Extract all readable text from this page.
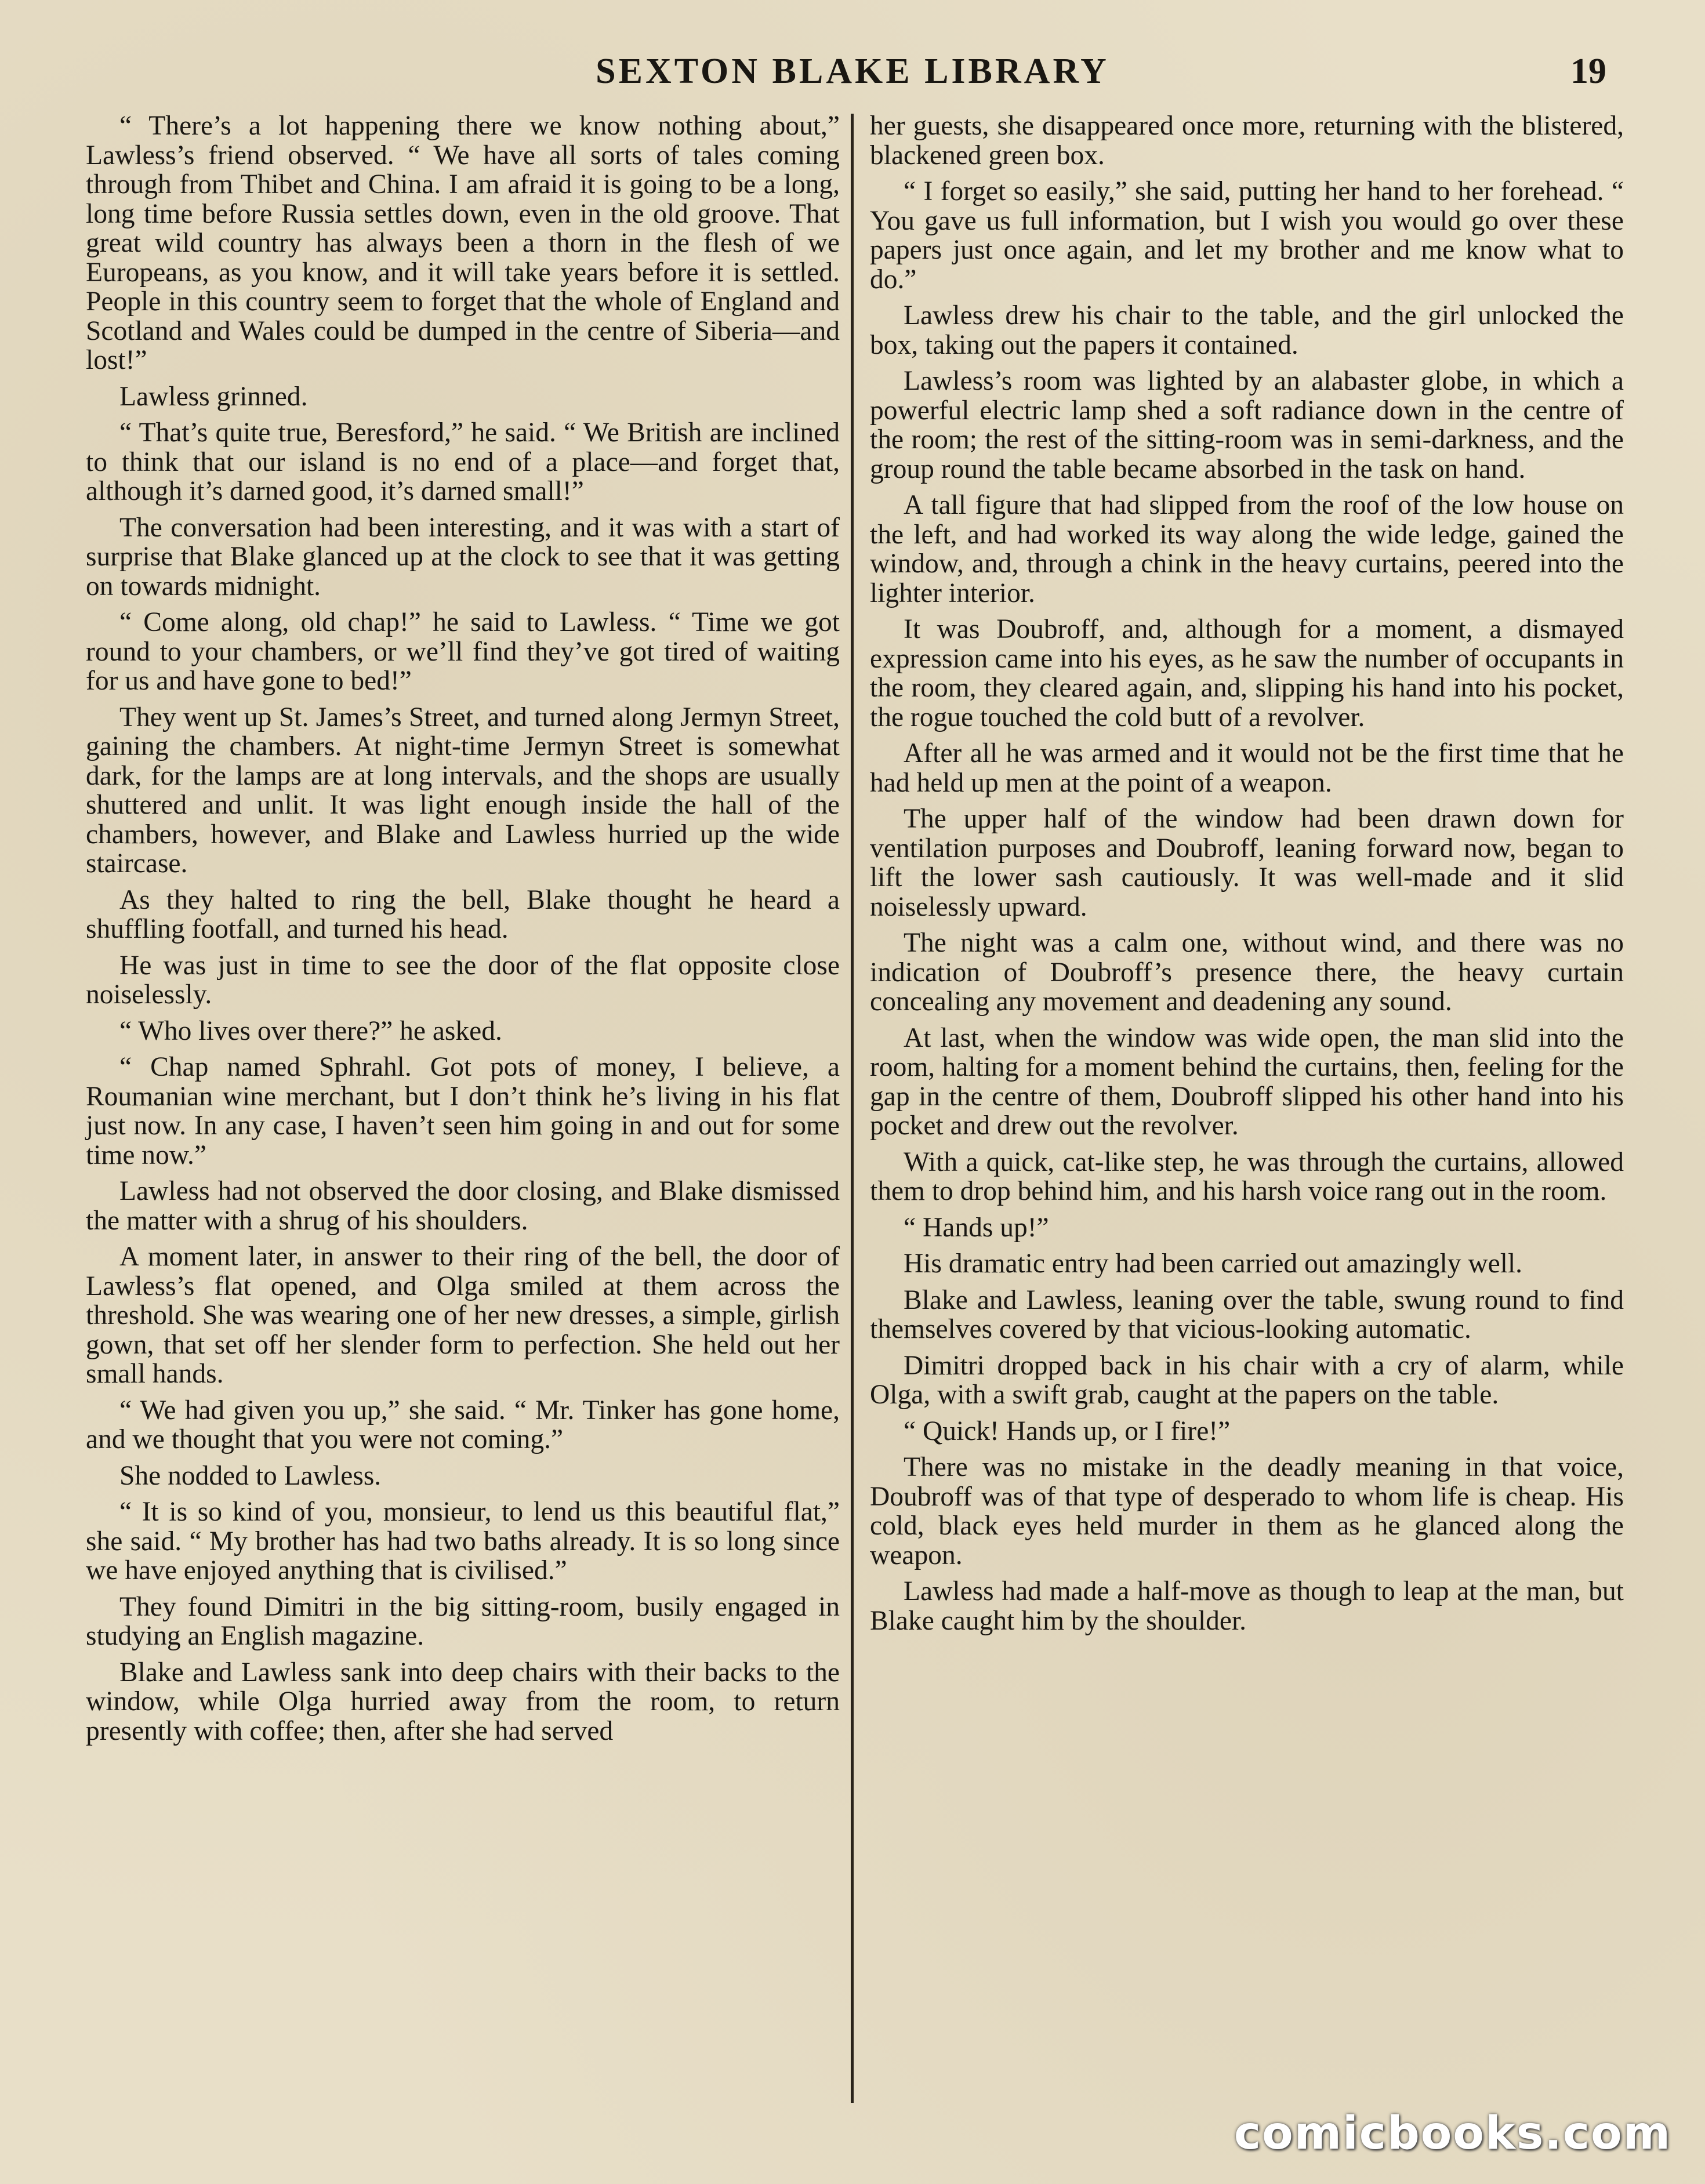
SEXTON BLAKE LIBRARY	19

“ There’s a lot happening there we know nothing about,” Lawless’s friend observed. “ We have all sorts of tales coming through from Thibet and China. I am afraid it is going to be a long, long time before Russia settles down, even in the old groove. That great wild country has always been a thorn in the flesh of we Europeans, as you know, and it will take years before it is settled. People in this country seem to forget that the whole of England and Scotland and Wales could be dumped in the centre of Siberia—and lost!”

Lawless grinned.

“ That’s quite true, Beresford,” he said. “ We British are inclined to think that our island is no end of a place—and forget that, although it’s darned good, it’s darned small!”

The conversation had been interesting, and it was with a start of surprise that Blake glanced up at the clock to see that it was getting on towards midnight.

“ Come along, old chap!” he said to Lawless. “ Time we got round to your chambers, or we’ll find they’ve got tired of waiting for us and have gone to bed!”

They went up St. James’s Street, and turned along Jermyn Street, gaining the chambers. At night-time Jermyn Street is somewhat dark, for the lamps are at long intervals, and the shops are usually shuttered and unlit. It was light enough inside the hall of the chambers, however, and Blake and Lawless hurried up the wide staircase.

As they halted to ring the bell, Blake thought he heard a shuffling footfall, and turned his head.

He was just in time to see the door of the flat opposite close noiselessly.

“ Who lives over there?” he asked.

“ Chap named Sphrahl. Got pots of money, I believe, a Roumanian wine merchant, but I don’t think he’s living in his flat just now. In any case, I haven’t seen him going in and out for some time now.”

Lawless had not observed the door closing, and Blake dismissed the matter with a shrug of his shoulders.

A moment later, in answer to their ring of the bell, the door of Lawless’s flat opened, and Olga smiled at them across the threshold. She was wearing one of her new dresses, a simple, girlish gown, that set off her slender form to perfection. She held out her small hands.

“ We had given you up,” she said. “ Mr. Tinker has gone home, and we thought that you were not coming.”

She nodded to Lawless.

“ It is so kind of you, monsieur, to lend us this beautiful flat,” she said. “ My brother has had two baths already. It is so long since we have enjoyed anything that is civilised.”

They found Dimitri in the big sitting-room, busily engaged in studying an English magazine.

Blake and Lawless sank into deep chairs with their backs to the window, while Olga hurried away from the room, to return presently with coffee; then, after she had served

her guests, she disappeared once more, returning with the blistered, blackened green box.

“ I forget so easily,” she said, putting her hand to her forehead. “ You gave us full information, but I wish you would go over these papers just once again, and let my brother and me know what to do.”

Lawless drew his chair to the table, and the girl unlocked the box, taking out the papers it contained.

Lawless’s room was lighted by an alabaster globe, in which a powerful electric lamp shed a soft radiance down in the centre of the room; the rest of the sitting-room was in semi-darkness, and the group round the table became absorbed in the task on hand.

A tall figure that had slipped from the roof of the low house on the left, and had worked its way along the wide ledge, gained the window, and, through a chink in the heavy curtains, peered into the lighter interior.

It was Doubroff, and, although for a moment, a dismayed expression came into his eyes, as he saw the number of occupants in the room, they cleared again, and, slipping his hand into his pocket, the rogue touched the cold butt of a revolver.

After all he was armed and it would not be the first time that he had held up men at the point of a weapon.

The upper half of the window had been drawn down for ventilation purposes and Doubroff, leaning forward now, began to lift the lower sash cautiously. It was well-made and it slid noiselessly upward.

The night was a calm one, without wind, and there was no indication of Doubroff’s presence there, the heavy curtain concealing any movement and deadening any sound.

At last, when the window was wide open, the man slid into the room, halting for a moment behind the curtains, then, feeling for the gap in the centre of them, Doubroff slipped his other hand into his pocket and drew out the revolver.

With a quick, cat-like step, he was through the curtains, allowed them to drop behind him, and his harsh voice rang out in the room.

“ Hands up!”

His dramatic entry had been carried out amazingly well.

Blake and Lawless, leaning over the table, swung round to find themselves covered by that vicious-looking automatic.

Dimitri dropped back in his chair with a cry of alarm, while Olga, with a swift grab, caught at the papers on the table.

“ Quick! Hands up, or I fire!”

There was no mistake in the deadly meaning in that voice, Doubroff was of that type of desperado to whom life is cheap. His cold, black eyes held murder in them as he glanced along the weapon.

Lawless had made a half-move as though to leap at the man, but Blake caught him by the shoulder.

comicbooks.com
